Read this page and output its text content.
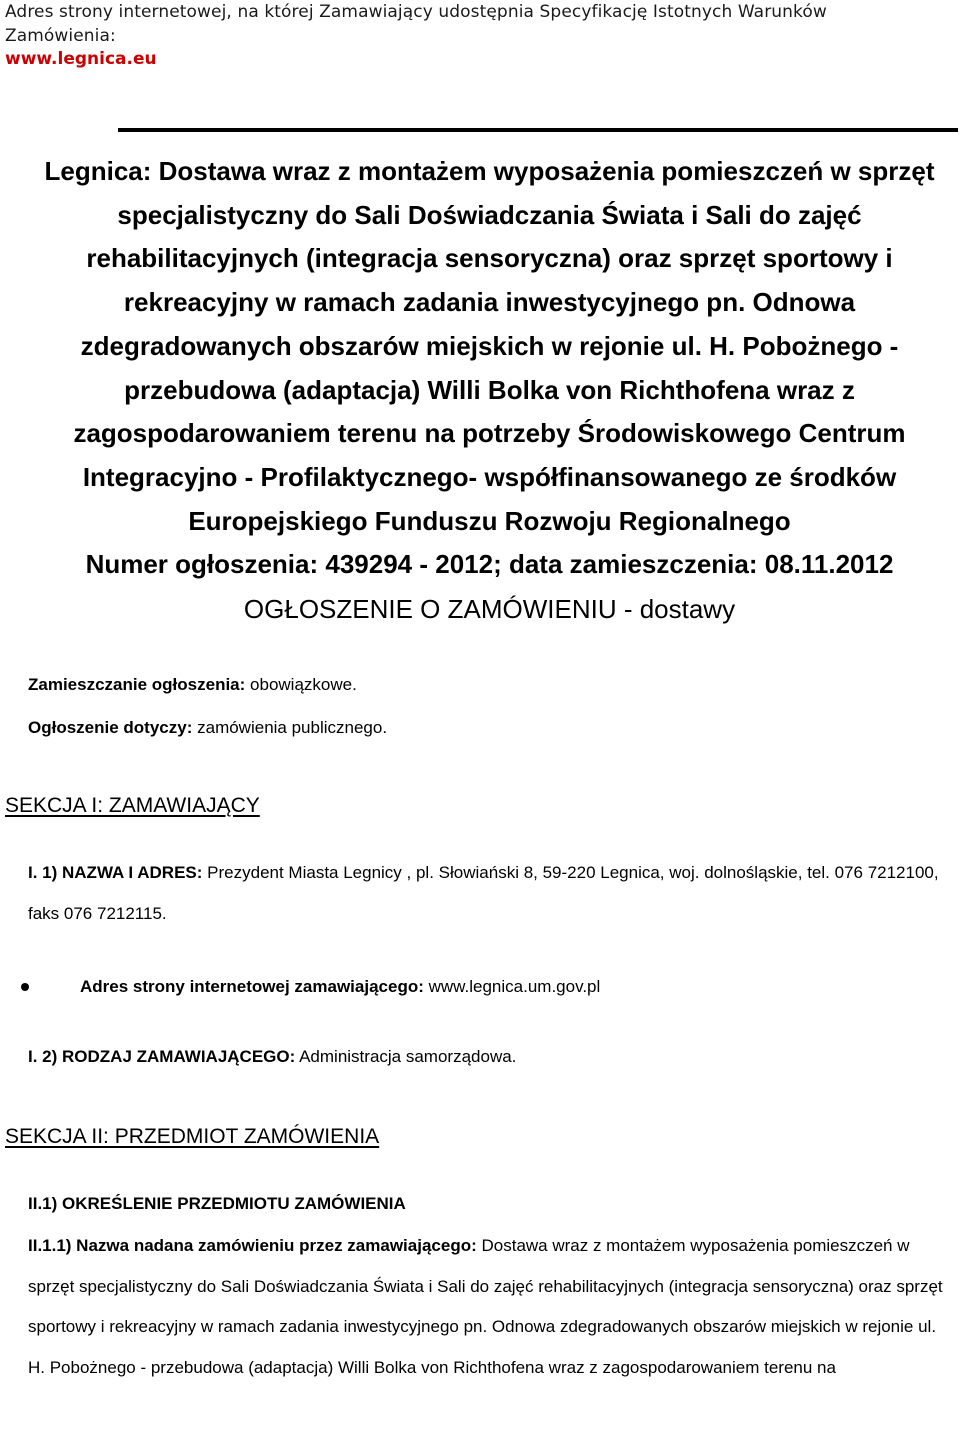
Adres strony internetowej, na której Zamawiający udostępnia Specyfikację Istotnych Warunków
Zamówienia:
www.legnica.eu
Legnica: Dostawa wraz z montażem wyposażenia pomieszczeń w sprzęt specjalistyczny do Sali Doświadczania Świata i Sali do zajęć rehabilitacyjnych (integracja sensoryczna) oraz sprzęt sportowy i rekreacyjny w ramach zadania inwestycyjnego pn. Odnowa zdegradowanych obszarów miejskich w rejonie ul. H. Pobożnego - przebudowa (adaptacja) Willi Bolka von Richthofena wraz z zagospodarowaniem terenu na potrzeby Środowiskowego Centrum Integracyjno - Profilaktycznego- współfinansowanego ze środków Europejskiego Funduszu Rozwoju Regionalnego
Numer ogłoszenia: 439294 - 2012; data zamieszczenia: 08.11.2012
OGŁOSZENIE O ZAMÓWIENIU - dostawy
Zamieszczanie ogłoszenia: obowiązkowe.
Ogłoszenie dotyczy: zamówienia publicznego.
SEKCJA I: ZAMAWIAJĄCY
I. 1) NAZWA I ADRES: Prezydent Miasta Legnicy , pl. Słowiański 8, 59-220 Legnica, woj. dolnośląskie, tel. 076 7212100, faks 076 7212115.
Adres strony internetowej zamawiającego: www.legnica.um.gov.pl
I. 2) RODZAJ ZAMAWIAJĄCEGO: Administracja samorządowa.
SEKCJA II: PRZEDMIOT ZAMÓWIENIA
II.1) OKREŚLENIE PRZEDMIOTU ZAMÓWIENIA
II.1.1) Nazwa nadana zamówieniu przez zamawiającego: Dostawa wraz z montażem wyposażenia pomieszczeń w sprzęt specjalistyczny do Sali Doświadczania Świata i Sali do zajęć rehabilitacyjnych (integracja sensoryczna) oraz sprzęt sportowy i rekreacyjny w ramach zadania inwestycyjnego pn. Odnowa zdegradowanych obszarów miejskich w rejonie ul. H. Pobożnego - przebudowa (adaptacja) Willi Bolka von Richthofena wraz z zagospodarowaniem terenu na
